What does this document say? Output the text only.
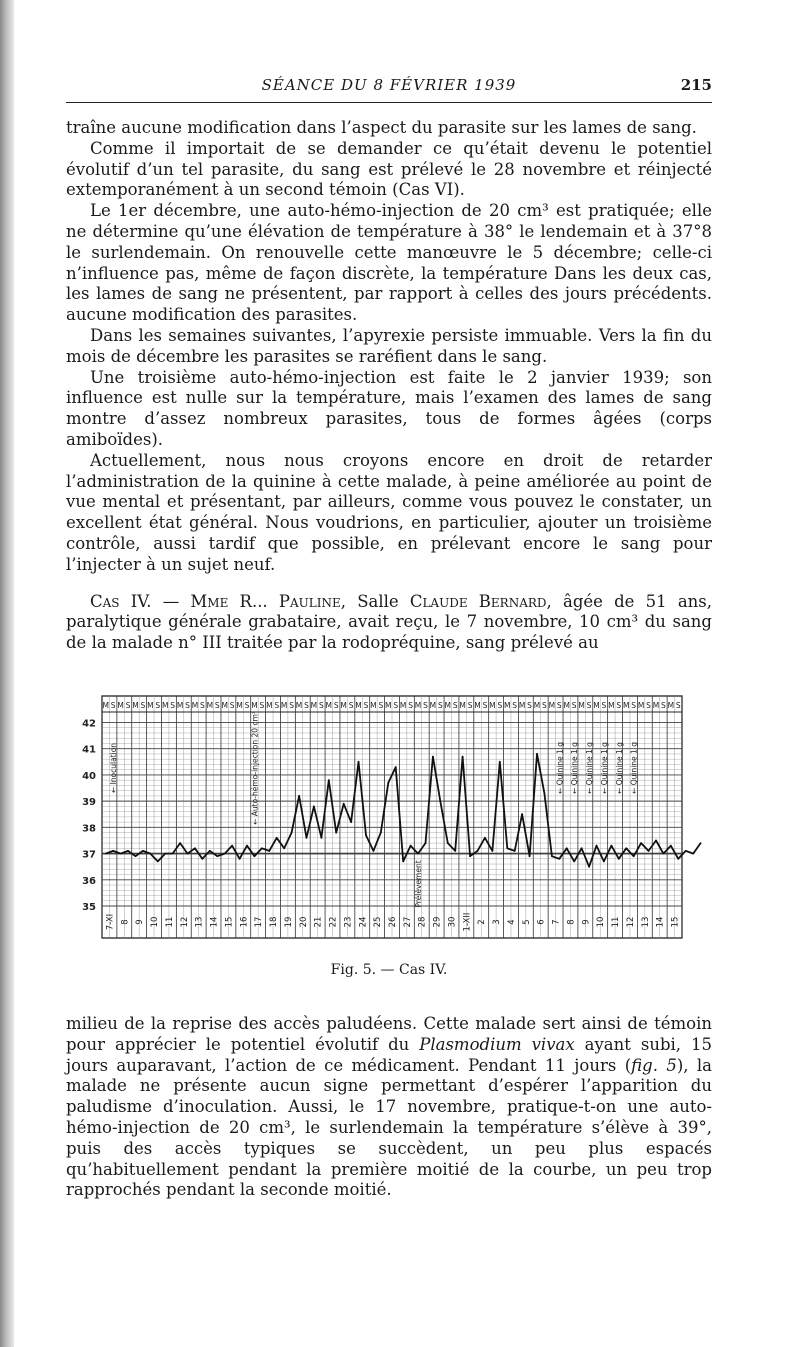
SÉANCE DU 8 FÉVRIER 1939	215

traîne aucune modification dans l’aspect du parasite sur les lames de sang.

Comme il importait de se demander ce qu’était devenu le potentiel évolutif d’un tel parasite, du sang est prélevé le 28 novembre et réinjecté extemporanément à un second témoin (Cas VI).

Le 1er décembre, une auto-hémo-injection de 20 cm³ est pratiquée; elle ne détermine qu’une élévation de température à 38° le lendemain et à 37°8 le surlendemain. On renouvelle cette manœuvre le 5 décembre; celle-ci n’influence pas, même de façon discrète, la température Dans les deux cas, les lames de sang ne présentent, par rapport à celles des jours précédents. aucune modification des parasites.

Dans les semaines suivantes, l’apyrexie persiste immuable. Vers la fin du mois de décembre les parasites se raréfient dans le sang.

Une troisième auto-hémo-injection est faite le 2 janvier 1939; son influence est nulle sur la température, mais l’examen des lames de sang montre d’assez nombreux parasites, tous de formes âgées (corps amiboïdes).

Actuellement, nous nous croyons encore en droit de retarder l’administration de la quinine à cette malade, à peine améliorée au point de vue mental et présentant, par ailleurs, comme vous pouvez le constater, un excellent état général. Nous voudrions, en particulier, ajouter un troisième contrôle, aussi tardif que possible, en prélevant encore le sang pour l’injecter à un sujet neuf.

Cas IV. — Mme R... Pauline, Salle Claude Bernard, âgée de 51 ans, paralytique générale grabataire, avait reçu, le 7 novembre, 10 cm³ du sang de la malade n° III traitée par la rodopréquine, sang prélevé au

42
41
40
39
38
37
36
35
M S M S M S M S M S M S M S M S M S M S M S M S M S M S M S M S M S M S M S M S M S M S M S M S M S M S M S M S M S M S M S M S M S M S M S M S M S M S M S
7-XI 8 9 10 11 12 13 14 15 16 17 18 19 20 21 22 23 24 25 26 27 28 29 30 1-XII 2 3 4 5 6 7 8 9 10 11 12 13 14 15
← Inoculation	← Auto-hémo-injection 20 cm³
Prélèvement
← Quinine 1 g ← Quinine 1 g ← Quinine 1 g ← Quinine 1 g ← Quinine 1 g ← Quinine 1 g
Fig. 5. — Cas IV.

milieu de la reprise des accès paludéens. Cette malade sert ainsi de témoin pour apprécier le potentiel évolutif du Plasmodium vivax ayant subi, 15 jours auparavant, l’action de ce médicament. Pendant 11 jours (fig. 5), la malade ne présente aucun signe permettant d’espérer l’apparition du paludisme d’inoculation. Aussi, le 17 novembre, pratique-t-on une auto-hémo-injection de 20 cm³, le surlendemain la température s’élève à 39°, puis des accès typiques se succèdent, un peu plus espacés qu’habituellement pendant la première moitié de la courbe, un peu trop rapprochés pendant la seconde moitié.
